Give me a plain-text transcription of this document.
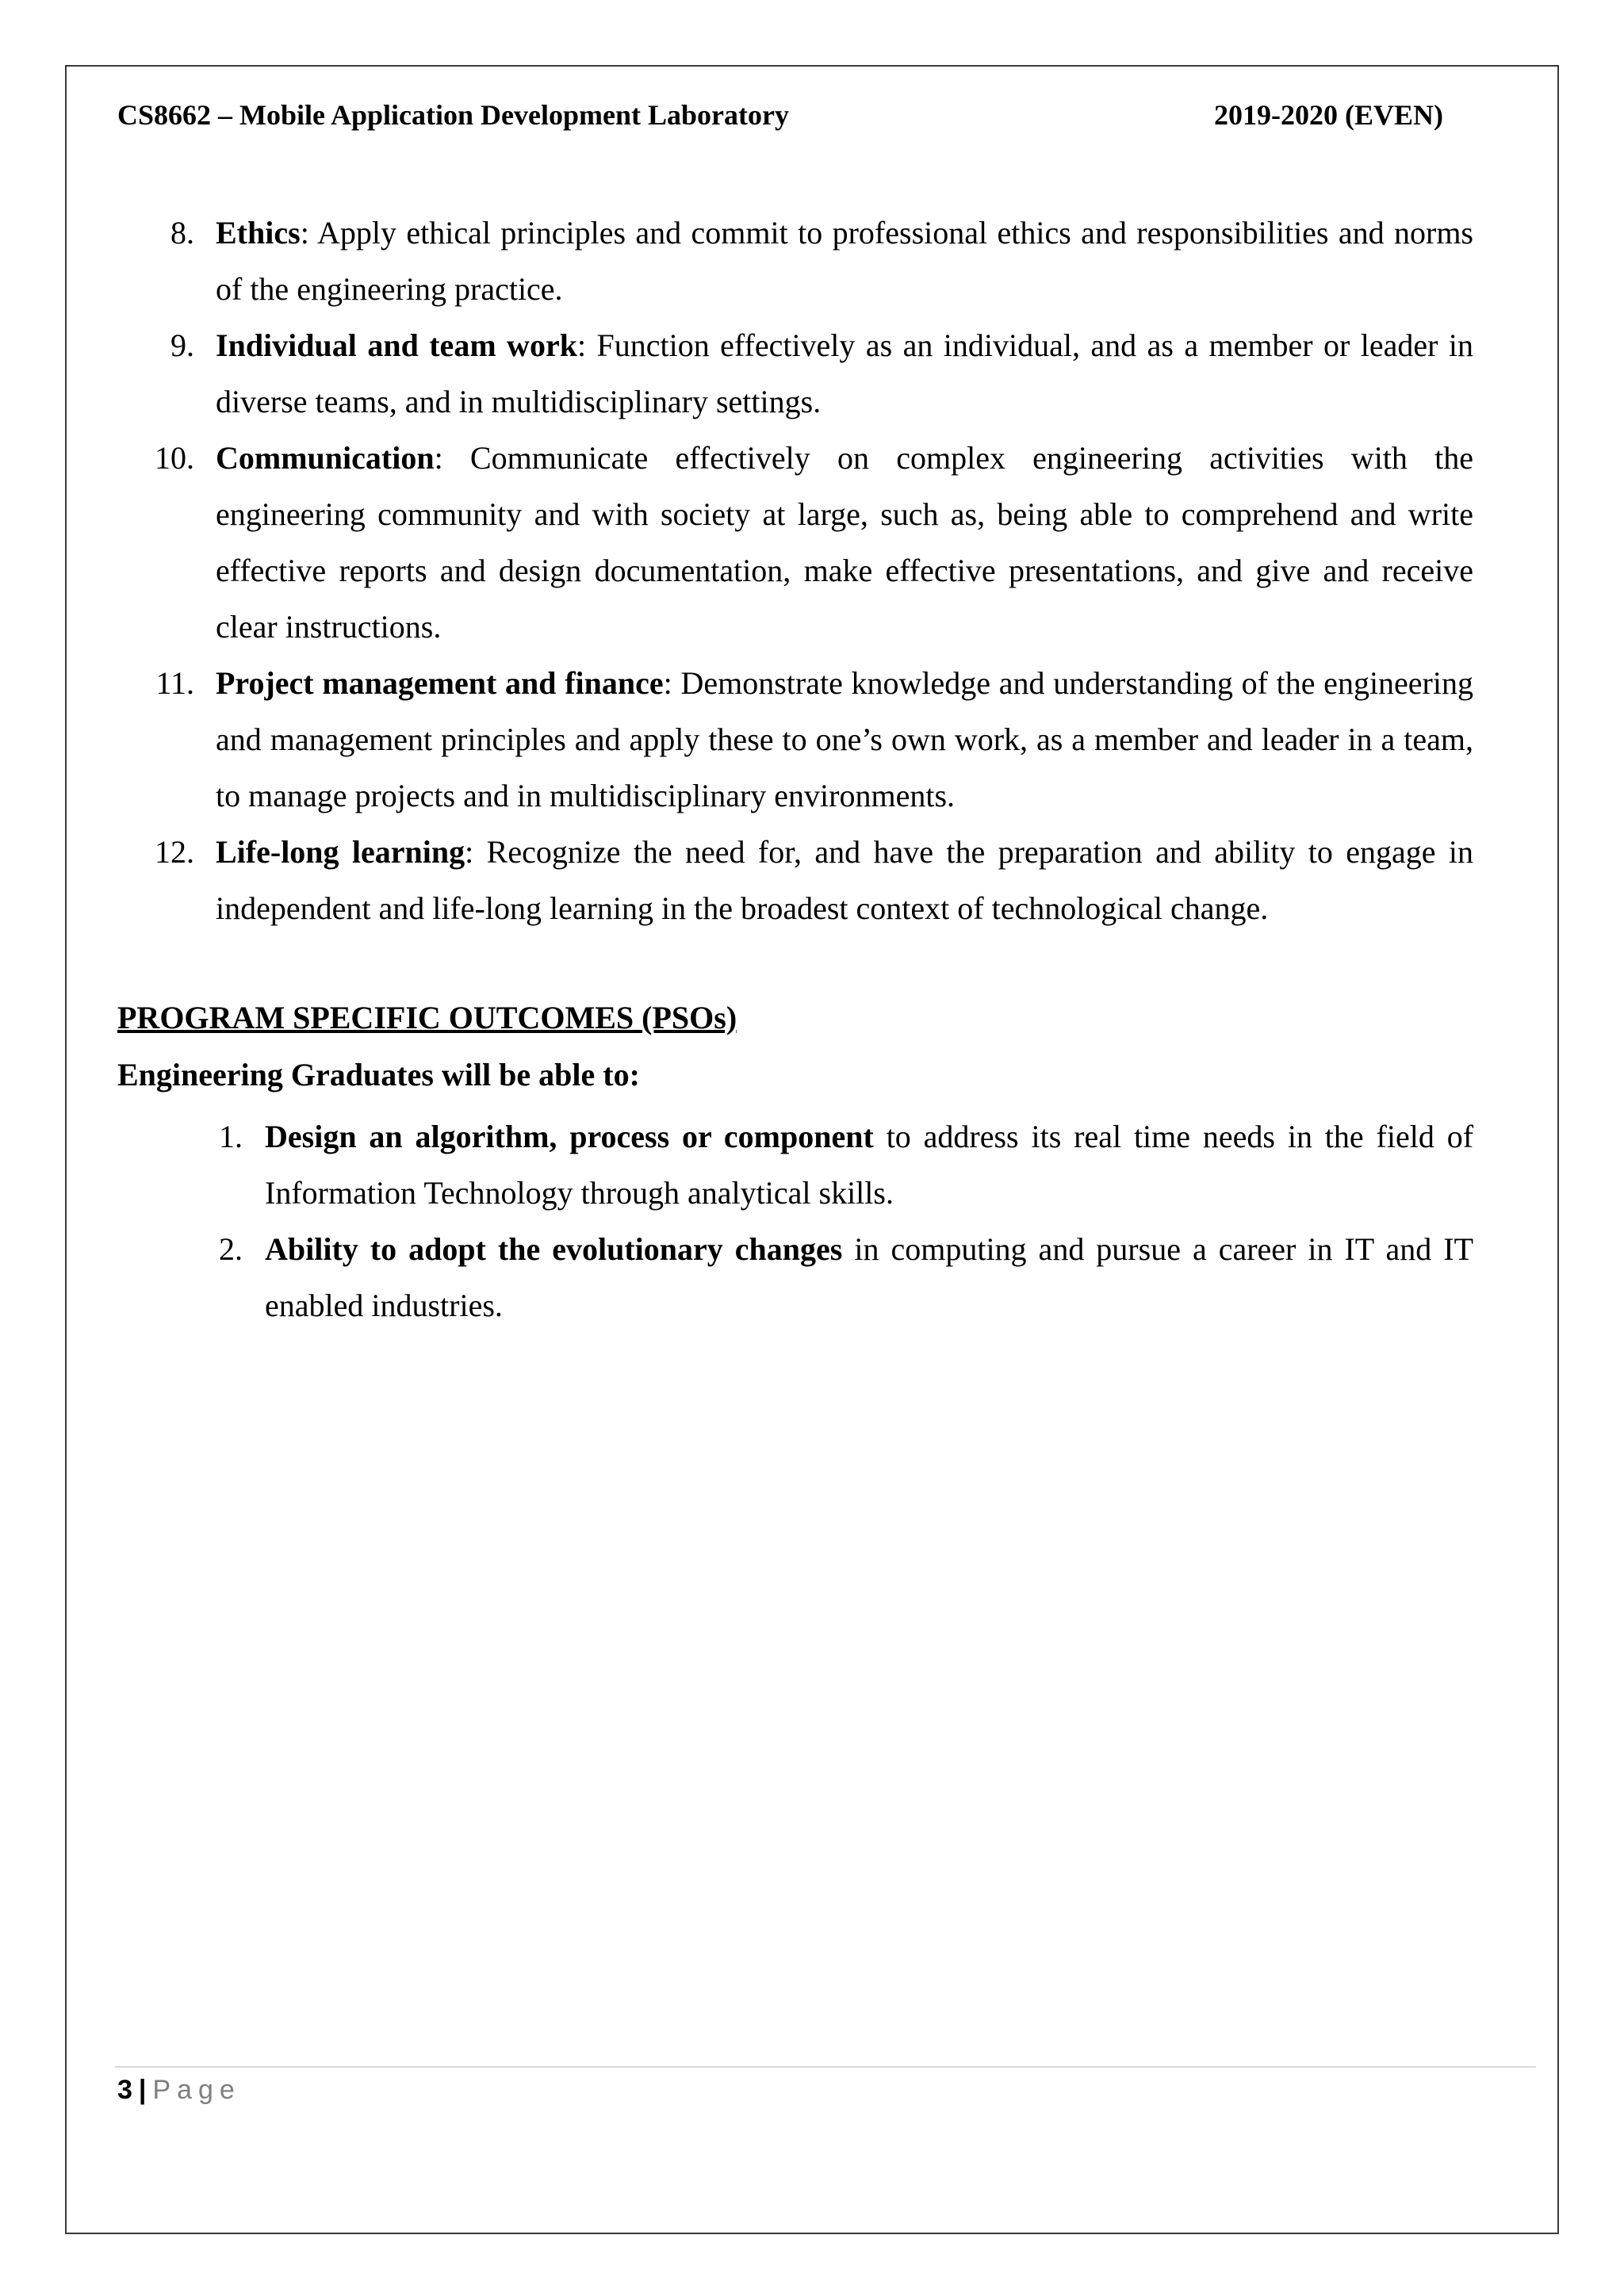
CS8662 – Mobile Application Development Laboratory	2019-2020 (EVEN)
8. Ethics: Apply ethical principles and commit to professional ethics and responsibilities and norms of the engineering practice.
9. Individual and team work: Function effectively as an individual, and as a member or leader in diverse teams, and in multidisciplinary settings.
10. Communication: Communicate effectively on complex engineering activities with the engineering community and with society at large, such as, being able to comprehend and write effective reports and design documentation, make effective presentations, and give and receive clear instructions.
11. Project management and finance: Demonstrate knowledge and understanding of the engineering and management principles and apply these to one’s own work, as a member and leader in a team, to manage projects and in multidisciplinary environments.
12. Life-long learning: Recognize the need for, and have the preparation and ability to engage in independent and life-long learning in the broadest context of technological change.
PROGRAM SPECIFIC OUTCOMES (PSOs)
Engineering Graduates will be able to:
1. Design an algorithm, process or component to address its real time needs in the field of Information Technology through analytical skills.
2. Ability to adopt the evolutionary changes in computing and pursue a career in IT and IT enabled industries.
3 | Page
